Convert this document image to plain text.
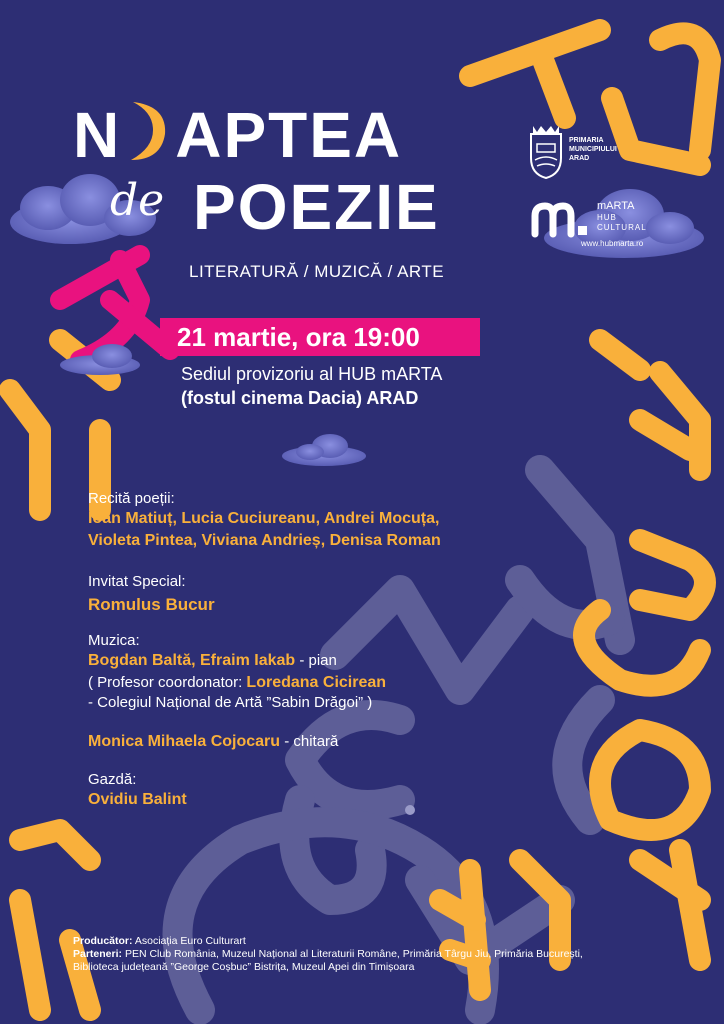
N APTEA
de POEZIE
LITERATURĂ / MUZICĂ / ARTE
21 martie, ora 19:00
Sediul provizoriu al HUB mARTA
(fostul cinema Dacia) ARAD
PRIMARIA
MUNICIPIULUI
ARAD
mARTA
HUB
CULTURAL
www.hubmarta.ro
Recită poeții:
Ioan Matiuț, Lucia Cuciureanu, Andrei Mocuța,
Violeta Pintea, Viviana Andrieș, Denisa Roman
Invitat Special:
Romulus Bucur
Muzica:
Bogdan Baltă, Efraim Iakab - pian
( Profesor coordonator: Loredana Cicirean
- Colegiul Național de Artă ”Sabin Drăgoi” )
Monica Mihaela Cojocaru - chitară
Gazdă:
Ovidiu Balint
Producător: Asociația Euro Culturart
Parteneri: PEN Club România, Muzeul Național al Literaturii Române, Primăria Târgu Jiu, Primăria București,
Biblioteca județeană ”George Coșbuc” Bistrița, Muzeul Apei din Timișoara
